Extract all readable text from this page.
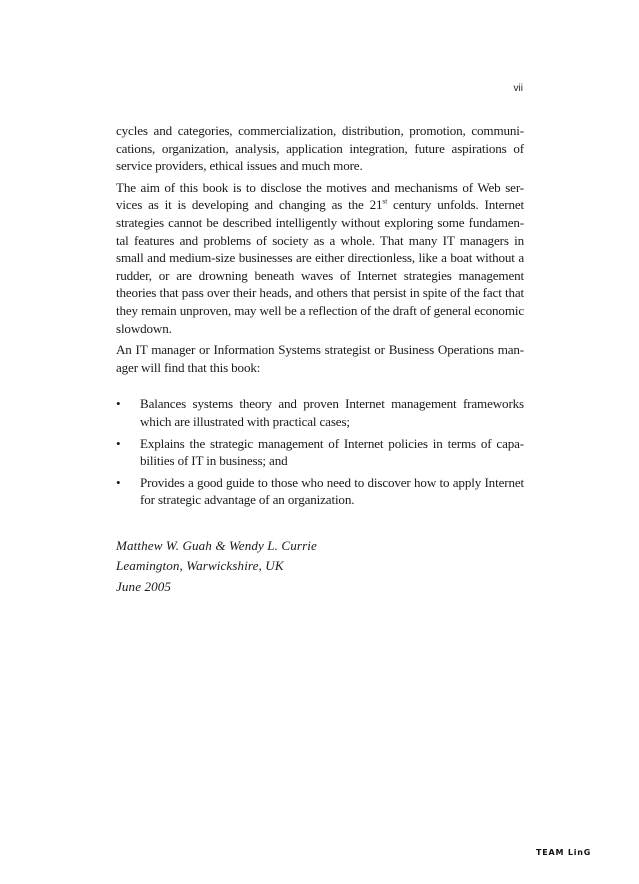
vii

cycles and categories, commercialization, distribution, promotion, communi-cations, organization, analysis, application integration, future aspirations of service providers, ethical issues and much more.

The aim of this book is to disclose the motives and mechanisms of Web ser-vices as it is developing and changing as the 21st century unfolds. Internet strategies cannot be described intelligently without exploring some fundamen-tal features and problems of society as a whole. That many IT managers in small and medium-size businesses are either directionless, like a boat without a rudder, or are drowning beneath waves of Internet strategies management theories that pass over their heads, and others that persist in spite of the fact that they remain unproven, may well be a reflection of the draft of general economic slowdown.

An IT manager or Information Systems strategist or Business Operations man-ager will find that this book:

•	Balances systems theory and proven Internet management frameworks which are illustrated with practical cases;
•	Explains the strategic management of Internet policies in terms of capa-bilities of IT in business; and
•	Provides a good guide to those who need to discover how to apply Internet for strategic advantage of an organization.
Matthew W. Guah & Wendy L. Currie
Leamington, Warwickshire, UK
June 2005
TEAM LinG
